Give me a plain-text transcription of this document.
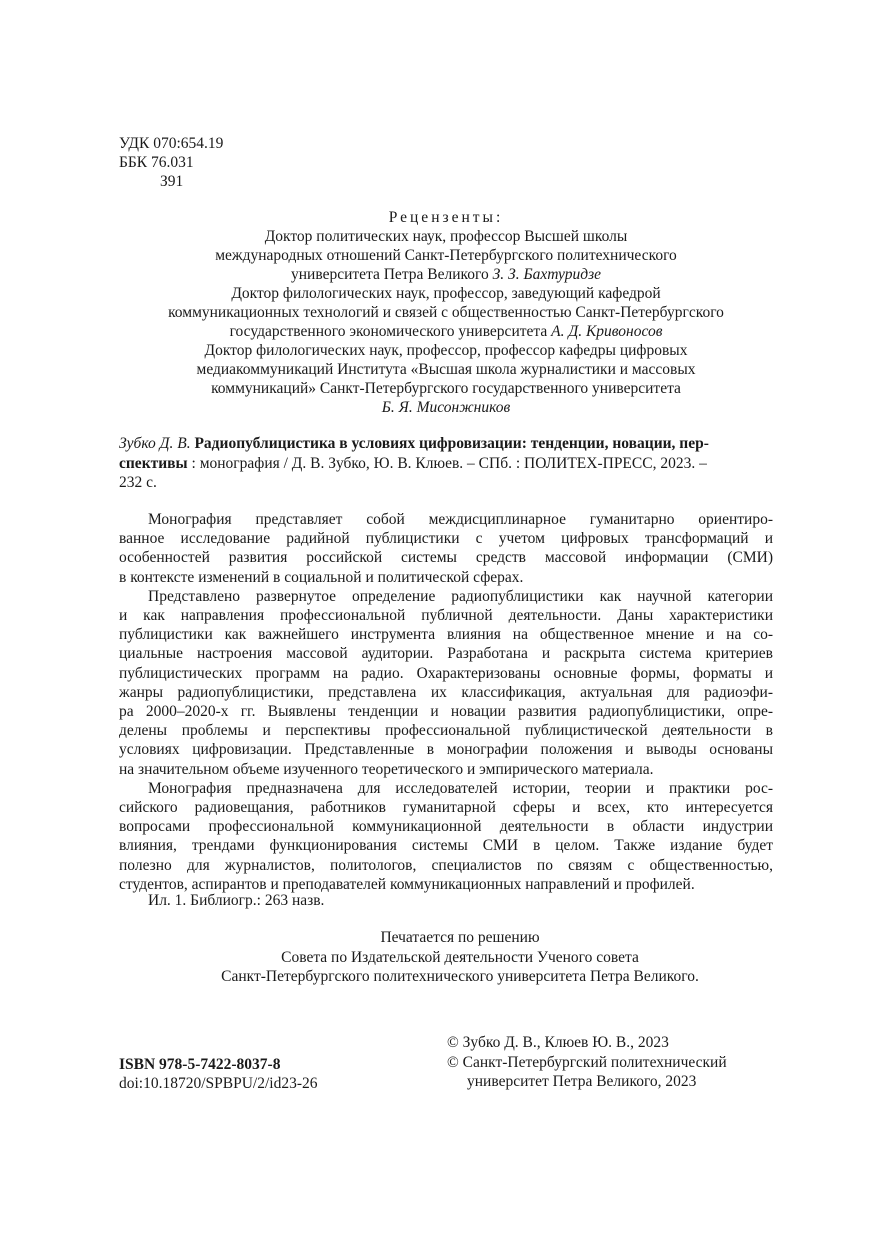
УДК 070:654.19
ББК 76.031
З91
Рецензенты:
Доктор политических наук, профессор Высшей школы
международных отношений Санкт-Петербургского политехнического
университета Петра Великого З. З. Бахтуридзе
Доктор филологических наук, профессор, заведующий кафедрой
коммуникационных технологий и связей с общественностью Санкт-Петербургского
государственного экономического университета А. Д. Кривоносов
Доктор филологических наук, профессор, профессор кафедры цифровых
медиакоммуникаций Института «Высшая школа журналистики и массовых
коммуникаций» Санкт-Петербургского государственного университета
Б. Я. Мисонжников
Зубко Д. В. Радиопублицистика в условиях цифровизации: тенденции, новации, пер-
спективы : монография / Д. В. Зубко, Ю. В. Клюев. – СПб. : ПОЛИТЕХ-ПРЕСС, 2023. –
232 с.
Монография представляет собой междисциплинарное гуманитарно ориентиро-
ванное исследование радийной публицистики с учетом цифровых трансформаций и
особенностей развития российской системы средств массовой информации (СМИ)
в контексте изменений в социальной и политической сферах.
Представлено развернутое определение радиопублицистики как научной категории
и как направления профессиональной публичной деятельности. Даны характеристики
публицистики как важнейшего инструмента влияния на общественное мнение и на со-
циальные настроения массовой аудитории. Разработана и раскрыта система критериев
публицистических программ на радио. Охарактеризованы основные формы, форматы и
жанры радиопублицистики, представлена их классификация, актуальная для радиоэфи-
ра 2000–2020-х гг. Выявлены тенденции и новации развития радиопублицистики, опре-
делены проблемы и перспективы профессиональной публицистической деятельности в
условиях цифровизации. Представленные в монографии положения и выводы основаны
на значительном объеме изученного теоретического и эмпирического материала.
Монография предназначена для исследователей истории, теории и практики рос-
сийского радиовещания, работников гуманитарной сферы и всех, кто интересуется
вопросами профессиональной коммуникационной деятельности в области индустрии
влияния, трендами функционирования системы СМИ в целом. Также издание будет
полезно для журналистов, политологов, специалистов по связям с общественностью,
студентов, аспирантов и преподавателей коммуникационных направлений и профилей.
Ил. 1. Библиогр.: 263 назв.
Печатается по решению
Совета по Издательской деятельности Ученого совета
Санкт-Петербургского политехнического университета Петра Великого.
ISBN 978-5-7422-8037-8
doi:10.18720/SPBPU/2/id23-26
© Зубко Д. В., Клюев Ю. В., 2023
© Санкт-Петербургский политехнический
университет Петра Великого, 2023
